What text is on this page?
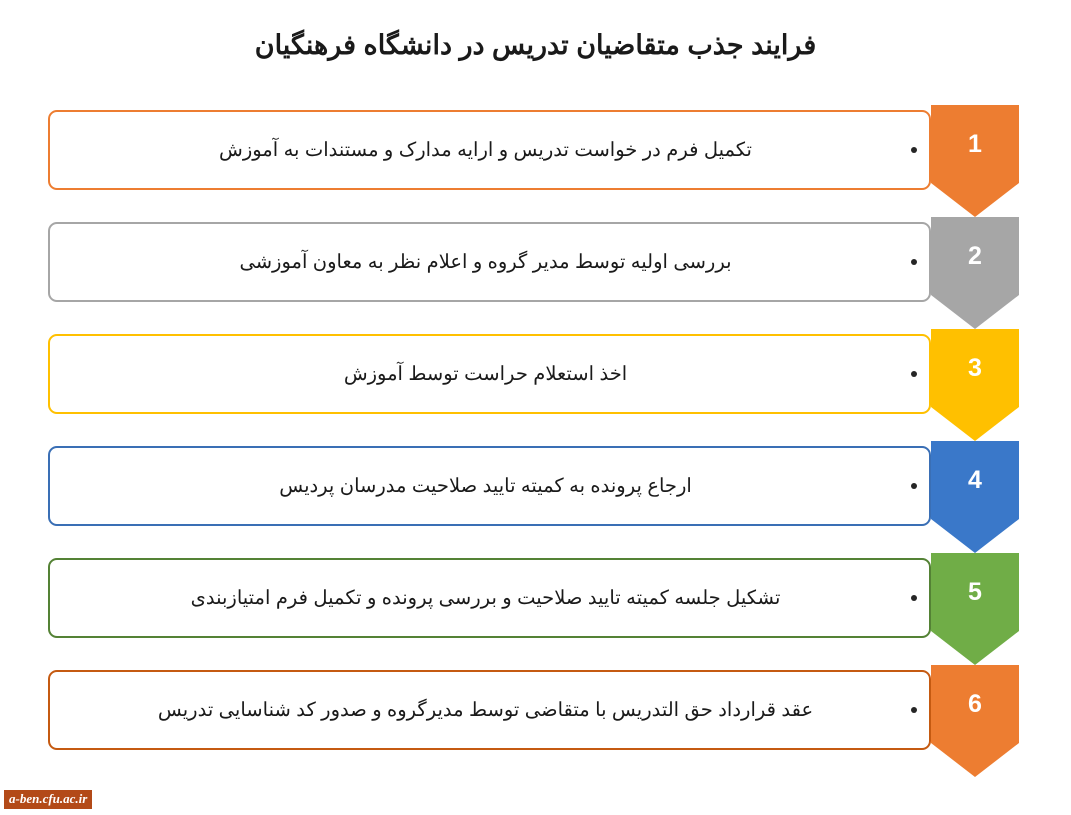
فرایند جذب متقاضیان تدریس در دانشگاه فرهنگیان
1
تکمیل فرم در خواست تدریس و ارایه مدارک و مستندات به آموزش
2
بررسی اولیه توسط مدیر گروه و اعلام نظر به معاون آموزشی
3
اخذ استعلام حراست توسط آموزش
4
ارجاع پرونده به کمیته تایید صلاحیت مدرسان پردیس
5
تشکیل جلسه کمیته تایید صلاحیت و بررسی پرونده و تکمیل فرم امتیازبندی
6
عقد قرارداد حق التدریس با متقاضی توسط مدیرگروه و صدور کد شناسایی تدریس
a-ben.cfu.ac.ir
